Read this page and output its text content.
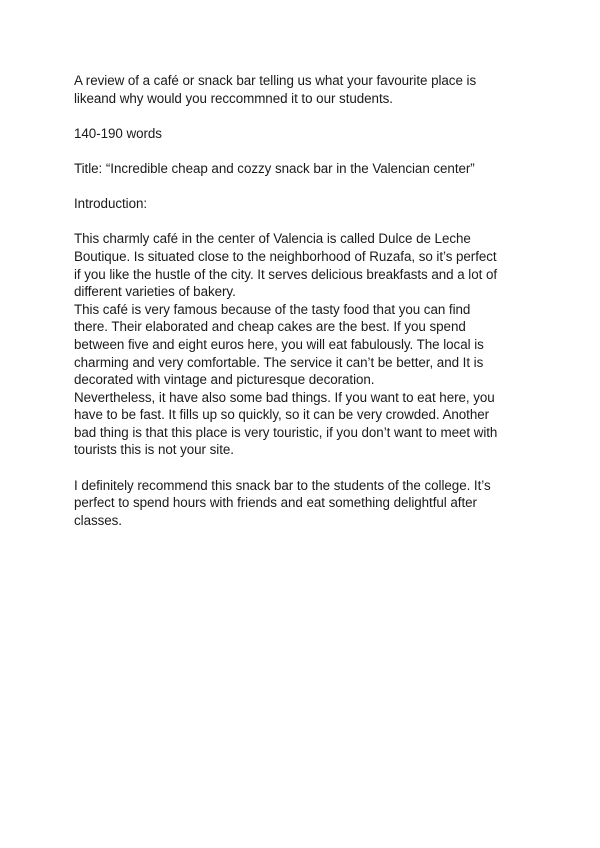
A review of a café or snack bar telling us what your favourite place is

likeand why would you reccommned it to our students.

140-190 words

Title: “Incredible cheap and cozzy snack bar in the Valencian center”

Introduction:

This charmly café in the center of Valencia is called Dulce de Leche

Boutique. Is situated close to the neighborhood of Ruzafa, so it’s perfect

if you like the hustle of the city. It serves delicious breakfasts and a lot of

different varieties of bakery.

This café is very famous because of the tasty food that you can find

there. Their elaborated and cheap cakes are the best. If you spend

between five and eight euros here, you will eat fabulously. The local is

charming and very comfortable. The service it can’t be better, and It is

decorated with vintage and picturesque decoration.

Nevertheless, it have also some bad things. If you want to eat here, you

have to be fast. It fills up so quickly, so it can be very crowded. Another

bad thing is that this place is very touristic, if you don’t want to meet with

tourists this is not your site.

I definitely recommend this snack bar to the students of the college. It’s

perfect to spend hours with friends and eat something delightful after

classes.
